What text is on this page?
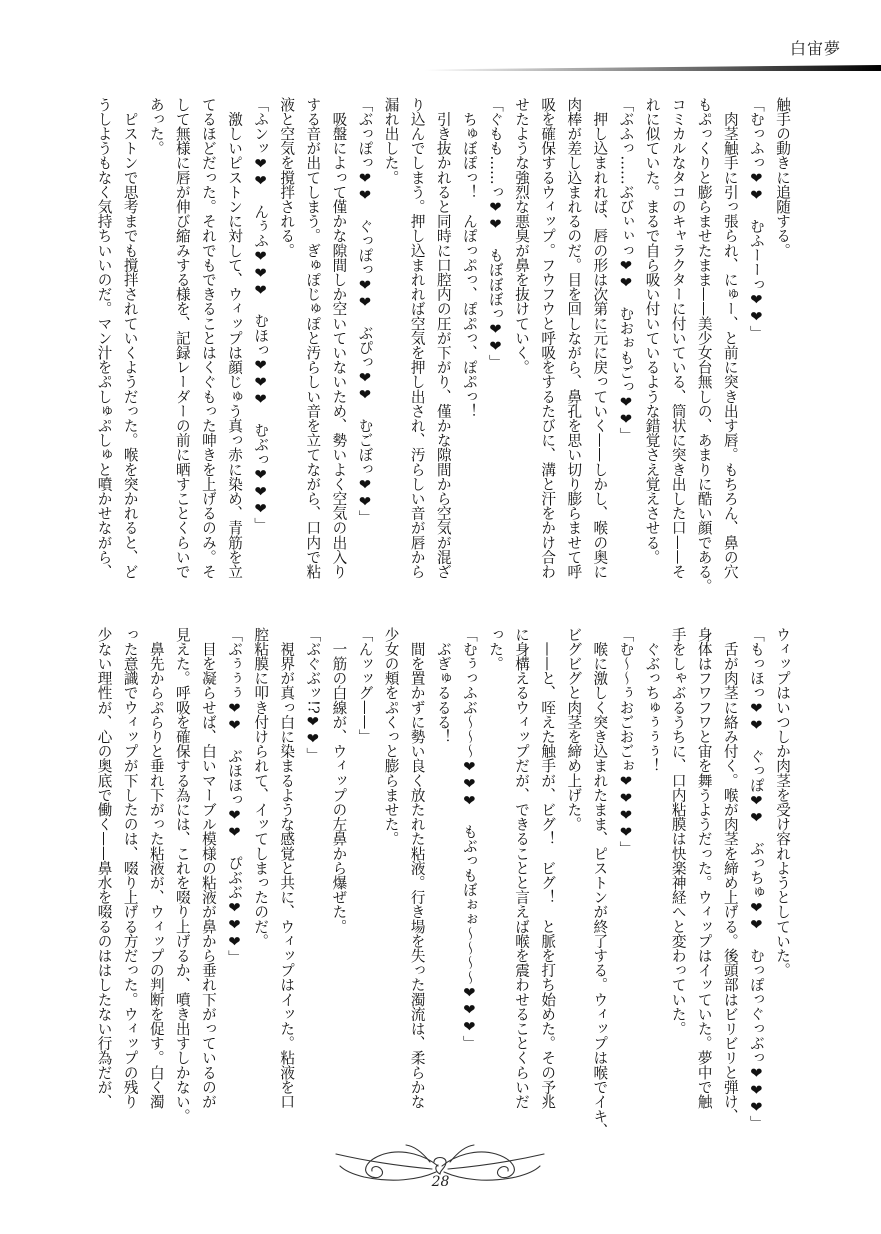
白宙夢
触手の動きに追随する。
「むっふっ❤❤　むふーーっ❤❤」
　肉茎触手に引っ張られ、にゅー、と前に突き出す唇。もちろん、鼻の穴
もぷっくりと膨らませたまま——美少女台無しの、あまりに酷い顔である。
コミカルなタコのキャラクターに付いている、筒状に突き出した口——そ
れに似ていた。まるで自ら吸い付いているような錯覚さえ覚えさせる。
「ぶふっ……ぶびぃぃっ❤❤　むおぉもごっ❤❤」
　押し込まれれば、唇の形は次第に元に戻っていく——しかし、喉の奥に
肉棒が差し込まれるのだ。目を回しながら、鼻孔を思い切り膨らませて呼
吸を確保するウィップ。フウフウと呼吸をするたびに、溝と汗をかけ合わ
せたような強烈な悪臭が鼻を抜けていく。
「ぐもも……っ❤❤　もぼぼぼっ❤❤」
　ちゅぼぽっ！　んぽっぷっ、ぽぷっ、ぽぷっ！
　引き抜かれると同時に口腔内の圧が下がり、僅かな隙間から空気が混ざ
り込んでしまう。押し込まれれば空気を押し出され、汚らしい音が唇から
漏れ出した。
「ぶっぽっ❤❤　ぐっぽっ❤❤　ぶぴっ❤❤　むごぼっ❤❤」
　吸盤によって僅かな隙間しか空いていないため、勢いよく空気の出入り
する音が出てしまう。ぎゅぽじゅぽと汚らしい音を立てながら、口内で粘
液と空気を撹拌される。
「ふンッ❤❤　んぅふ❤❤❤　むほっ❤❤❤　むぶっ❤❤❤」
　激しいピストンに対して、ウィップは顔じゅう真っ赤に染め、青筋を立
てるほどだった。それでもできることはくぐもった呻きを上げるのみ。そ
して無様に唇が伸び縮みする様を、記録レーダーの前に晒すことくらいで
あった。
　ピストンで思考までも撹拌されていくようだった。喉を突かれると、ど
うしようもなく気持ちいいのだ。マン汁をぷしゅぷしゅと噴かせながら、
ウィップはいつしか肉茎を受け容れようとしていた。
「もっほっ❤❤　ぐっぽ❤❤　ぶっちゅ❤❤　むっぽっぐっぶっ❤❤❤」
　舌が肉茎に絡み付く。喉が肉茎を締め上げる。後頭部はビリビリと弾け、
身体はフワフワと宙を舞うようだった。ウィップはイッていた。夢中で触
手をしゃぶるうちに、口内粘膜は快楽神経へと変わっていた。
　ぐぶっちゅぅぅぅ！
「む〜〜ぅおごおごぉ❤❤❤❤」
　喉に激しく突き込まれたまま、ピストンが終了する。ウィップは喉でイキ、
ビグビグと肉茎を締め上げた。
　——と、咥えた触手が、ビグ！　ビグ！　と脈を打ち始めた。その予兆
に身構えるウィップだが、できることと言えば喉を震わせることくらいだ
った。
「むぅっふぶ〜〜〜❤❤❤　もぶっもぼぉぉ〜〜〜〜❤❤❤」
　ぶぎゅるるる！
　間を置かずに勢い良く放たれた粘液。行き場を失った濁流は、柔らかな
少女の頬をぷくっと膨らませた。
「んッッグ——」
　一筋の白線が、ウィップの左鼻から爆ぜた。
「ぶぐぶッ!?❤❤」
　視界が真っ白に染まるような感覚と共に、ウィップはイッた。粘液を口
腔粘膜に叩き付けられて、イッてしまったのだ。
「ぶぅぅぅ❤❤　ぶほほっ❤❤　ぴぶぶ❤❤❤」
　目を凝らせば、白いマーブル模様の粘液が鼻から垂れ下がっているのが
見えた。呼吸を確保する為には、これを啜り上げるか、噴き出すしかない。
　鼻先からぷらりと垂れ下がった粘液が、ウィップの判断を促す。白く濁
った意識でウィップが下したのは、啜り上げる方だった。ウィップの残り
少ない理性が、心の奥底で働く——鼻水を啜るのははしたない行為だが、
28
